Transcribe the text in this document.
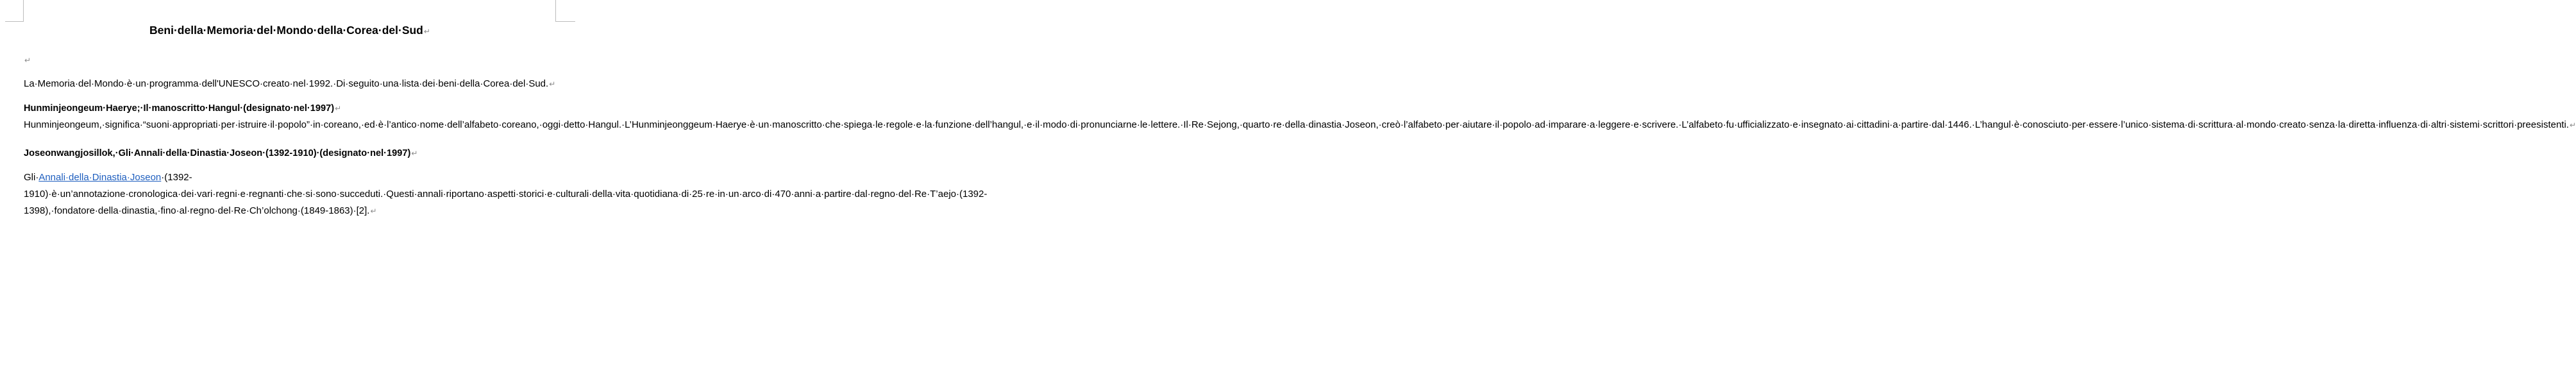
Beni·della·Memoria·del·Mondo·della·Corea·del·Sud↵
↵

La·Memoria·del·Mondo·è·un·programma·dell'UNESCO·creato·nel·1992.·Di·seguito·una·lista·dei·beni·della·Corea·del·Sud.↵

Hunminjeongeum·Haerye;·Il·manoscritto·Hangul·(designato·nel·1997)↵

Hunminjeongeum,·significa·“suoni·appropriati·per·istruire·il·popolo”·in·coreano,·ed·è·l’antico·nome·dell’alfabeto·coreano,·oggi·detto·Hangul.·L’Hunminjeonggeum·Haerye·è·un·manoscritto·che·spiega·le·regole·e·la·funzione·dell’hangul,·e·il·modo·di·pronunciarne·le·lettere.·Il·Re·Sejong,·quarto·re·della·dinastia·Joseon,·creò·l’alfabeto·per·aiutare·il·popolo·ad·imparare·a·leggere·e·scrivere.·L’alfabeto·fu·ufficializzato·e·insegnato·ai·cittadini·a·partire·dal·1446.·L’hangul·è·conosciuto·per·essere·l’unico·sistema·di·scrittura·al·mondo·creato·senza·la·diretta·influenza·di·altri·sistemi·scrittori·preesistenti.↵

Joseonwangjosillok,·Gli·Annali·della·Dinastia·Joseon·(1392-1910)·(designato·nel·1997)↵

Gli·Annali·della·Dinastia·Joseon·(1392-1910)·è·un’annotazione·cronologica·dei·vari·regni·e·regnanti·che·si·sono·succeduti.·Questi·annali·riportano·aspetti·storici·e·culturali·della·vita·quotidiana·di·25·re·in·un·arco·di·470·anni·a·partire·dal·regno·del·Re·T’aejo·(1392-1398),·fondatore·della·dinastia,·fino·al·regno·del·Re·Ch’olchong·(1849-1863)·[2].↵
